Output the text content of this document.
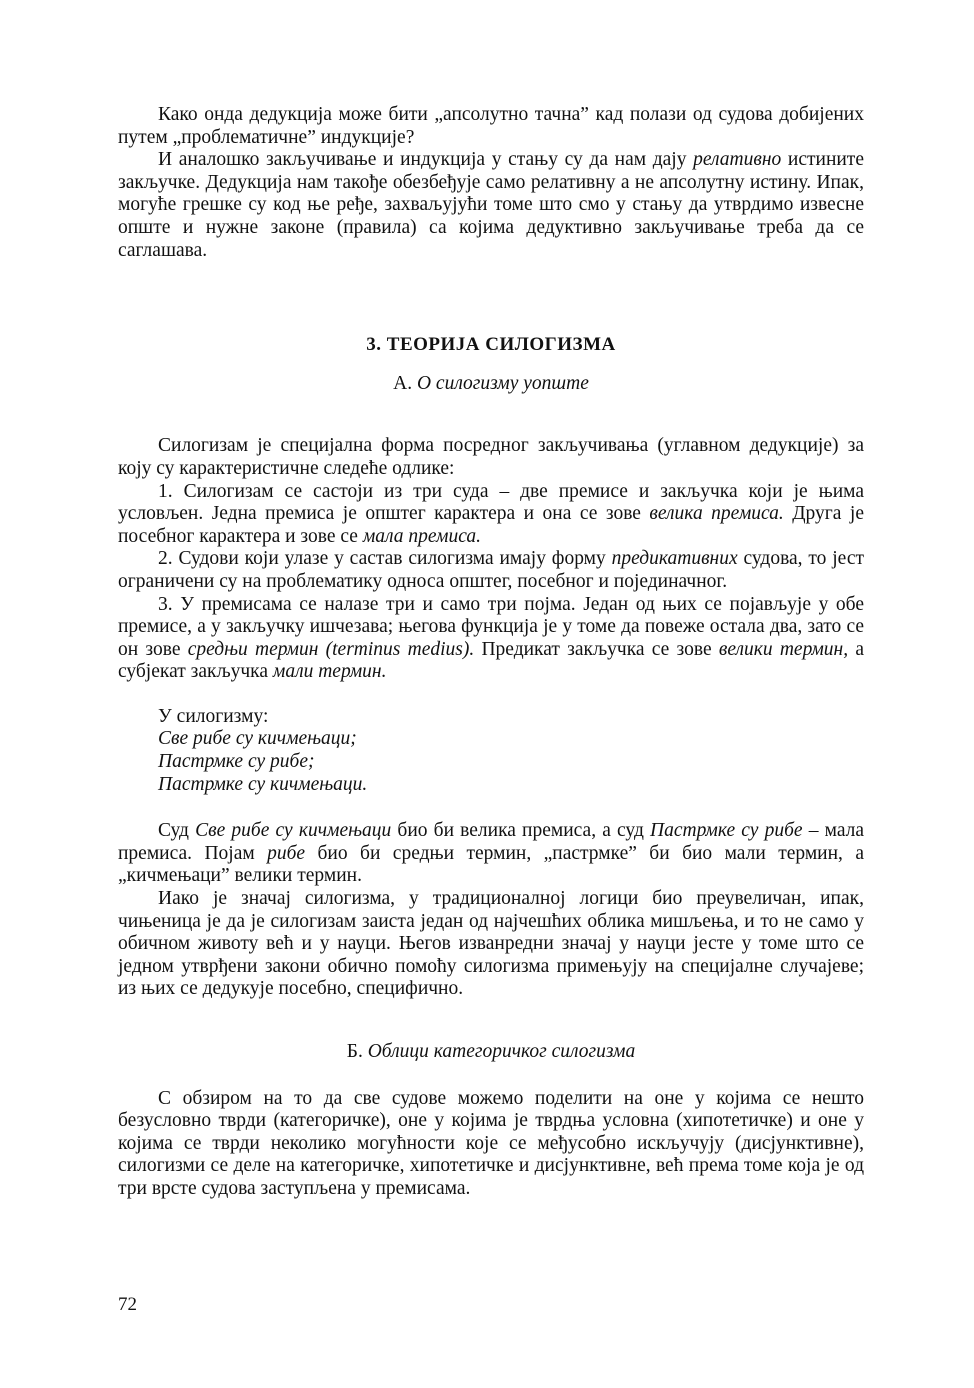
Како онда дедукција може бити „апсолутно тачна” кад полази од судова добијених путем „проблематичне” индукције?

И аналошко закључивање и индукција у стању су да нам дају релативно истините закључке. Дедукција нам такође обезбеђује само релативну а не апсолутну истину. Ипак, могуће грешке су код ње ређе, захваљујући томе што смо у стању да утврдимо извесне опште и нужне законе (правила) са којима дедуктивно закључивање треба да се саглашава.

3. ТЕОРИЈА СИЛОГИЗМА
А. О силогизму уопште

Силогизам је специјална форма посредног закључивања (углавном дедукције) за коју су карактеристичне следеће одлике:

1. Силогизам се састоји из три суда – две премисе и закључка који је њима условљен. Једна премиса је општег карактера и она се зове велика премиса. Друга је посебног карактера и зове се мала премиса.

2. Судови који улазе у састав силогизма имају форму предикативних судова, то јест ограничени су на проблематику односа општег, посебног и појединачног.

3. У премисама се налазе три и само три појма. Један од њих се појављује у обе премисе, а у закључку ишчезава; његова функција је у томе да повеже остала два, зато се он зове средњи термин (terminus medius). Предикат закључка се зове велики термин, а субјекат закључка мали термин.

У силогизму:
Све рибе су кичмењаци;
Пастрмке су рибе;
Пастрмке су кичмењаци.

Суд Све рибе су кичмењаци био би велика премиса, а суд Пастрмке су рибе – мала премиса. Појам рибе био би средњи термин, „пастрмке” би био мали термин, а „кичмењаци” велики термин.

Иако је значај силогизма, у традиционалној логици био преувеличан, ипак, чињеница је да је силогизам заиста један од најчешћих облика мишљења, и то не само у обичном животу већ и у науци. Његов изванредни значај у науци јесте у томе што се једном утврђени закони обично помоћу силогизма примењују на специјалне случајеве; из њих се дедукује посебно, специфично.

Б. Облици категоричког силогизма

С обзиром на то да све судове можемо поделити на оне у којима се нешто безусловно тврди (категоричке), оне у којима је тврдња условна (хипотетичке) и оне у којима се тврди неколико могућности које се међусобно искључују (дисјунктивне), силогизми се деле на категоричке, хипотетичке и дисјунктивне, већ према томе која је од три врсте судова заступљена у премисама.

72
